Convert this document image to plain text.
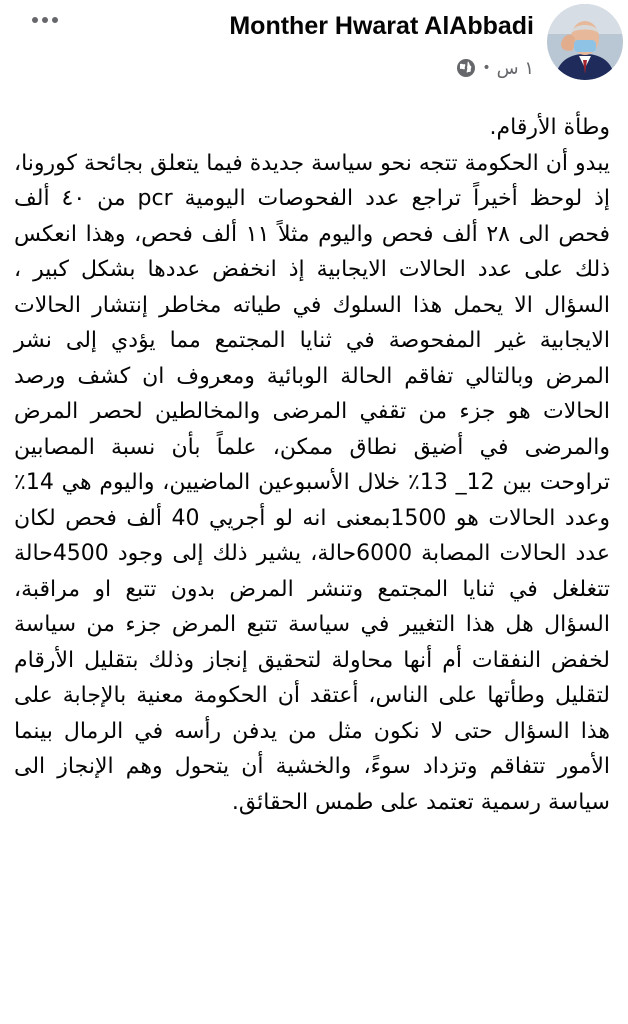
Monther Hwarat AlAbbadi
• ١ س

وطأة الأرقام.

يبدو أن الحكومة تتجه نحو سياسة جديدة فيما يتعلق بجائحة كورونا، إذ لوحظ أخيراً تراجع عدد الفحوصات اليومية pcr من ٤٠ ألف فحص الى ٢٨ ألف فحص واليوم مثلاً ١١ ألف فحص، وهذا انعكس ذلك على عدد الحالات الايجابية إذ انخفض عددها بشكل كبير ، السؤال الا يحمل هذا السلوك في طياته مخاطر إنتشار الحالات الايجابية غير المفحوصة في ثنايا المجتمع مما يؤدي إلى نشر المرض وبالتالي تفاقم الحالة الوبائية ومعروف ان كشف ورصد الحالات هو جزء من تقفي المرضى والمخالطين لحصر المرض والمرضى في أضيق نطاق ممكن، علماً بأن نسبة المصابين تراوحت بين 12_ 13٪ خلال الأسبوعين الماضيين، واليوم هي 14٪ وعدد الحالات هو 1500بمعنى انه لو أجريي 40 ألف فحص لكان عدد الحالات المصابة 6000حالة، يشير ذلك إلى وجود 4500حالة تتغلغل في ثنايا المجتمع وتنشر المرض بدون تتبع او مراقبة، السؤال هل هذا التغيير في سياسة تتبع المرض جزء من سياسة لخفض النفقات أم أنها محاولة لتحقيق إنجاز وذلك بتقليل الأرقام لتقليل وطأتها على الناس، أعتقد أن الحكومة معنية بالإجابة على هذا السؤال حتى لا نكون مثل من يدفن رأسه في الرمال بينما الأمور تتفاقم وتزداد سوءً، والخشية أن يتحول وهم الإنجاز الى سياسة رسمية تعتمد على طمس الحقائق.
